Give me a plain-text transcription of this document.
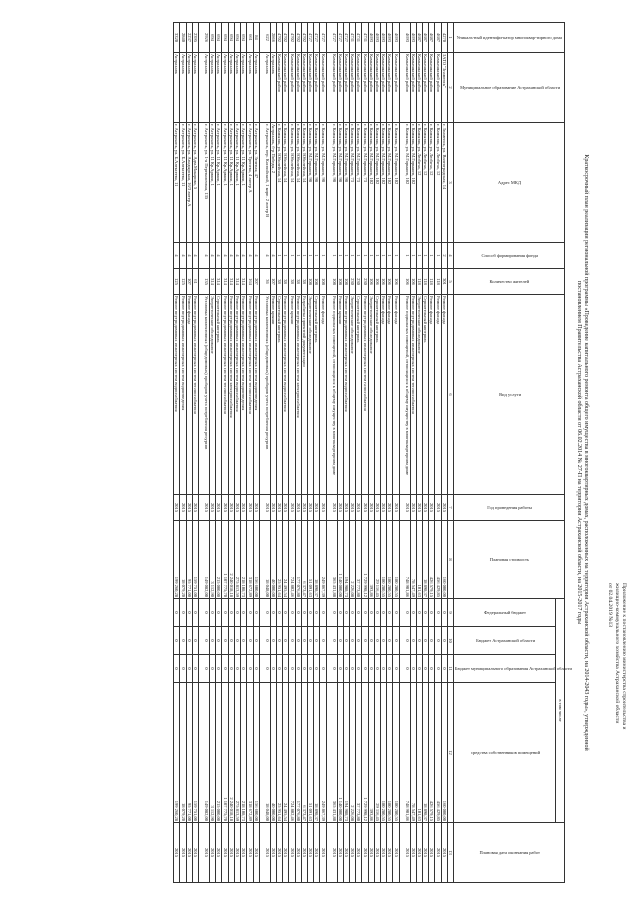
Приложение к постановлению министерства строительства и
жилищно-коммунального хозяйства Астраханской области
от 02.04.2019 №13
Краткосрочный план реализации региональной программы «Проведение капитального ремонта общего имущества в многоквартирных домах, расположенных на территории Астраханской области, на 2014-2043 годы», утвержденной
постановлением Правительства Астраханской области от 06.02.2014 № 27-П на территории Астраханской области, на 2015-2017 годы
Уникаль-ный идентифи-катор многоквар-тирного дома	Муниципальное образование Астраханской области	Адрес МКД	Способ формирования фонда	Количество жителей	Вид услуги	Год проведения работы	Плановая стоимость	в том числе				Плановая дата окончания работ
								Федеральный бюджет	Бюджет Астраханской области	Бюджет муниципального образования Астраханской области	средства собственников помещений	
1	2	3	4	5	6	7	8	9	10	11	12	13
4270	ЗАТО "Знаменск"	г. Знаменск, ул. Волгоградская, 14	2	301	Ремонт фасада	2015	160 000,00	0	0	0	160 000,00	2015
4687	Камызякский район	г. Камызяк, ул. Любича, 12	1	118	Ремонт фасада	2015	456 429,85	0	0	0	456 429,85	2015
4687	Камызякский район	г. Камызяк, ул. Любича, 12	1	118	Ремонт фасада	2015	426 579,15	0	0	0	426 579,15	2015
4687	Камызякский район	г. Камызяк, ул. Любича, 12	1	118	Строительный контроль	2015	18 898,37	0	0	0	18 898,37	2015
4687	Камызякский район	г. Камызяк, ул. Любича, 12	1	118	Энергетическое обследование	2015	101,63	0	0	0	101,63	2015
4693	Камызякский район	г. Камызяк, ул. М.Горького, 102	1	106	Ремонт внутридомовых инженерных систем теплоснабжения	2015	78 547,49	0	0	0	78 547,49	2015
4693	Камызякский район	г. Камызяк, ул. М.Горького, 102	1	106	Ремонт подвальных помещений, относящихся к общему имуществу в многоквартирном доме	2015	748 901,86	0	0	0	748 901,86	2015
4693	Камызякский район	г. Камызяк, ул. М.Горького, 102	1	106	Ремонт фасада	2015	180 280,55	0	0	0	180 280,55	2015
4693	Камызякский район	г. Камызяк, ул. М.Горького, 102	1	106	Ремонт фасада	2015	180 280,55	0	0	0	180 280,55	2015
4693	Камызякский район	г. Камызяк, ул. М.Горького, 102	1	106	Ремонт фасада	2015	180 280,55	0	0	0	180 280,55	2015
4693	Камызякский район	г. Камызяк, ул. М.Горького, 102	1	106	Строительный контроль	2015	29 116,45	0	0	0	29 116,45	2015
4693	Камызякский район	г. Камызяк, ул. М.Горького, 102	1	106	Энергетическое обследование	2015	393,86	0	0	0	393,86	2015
4731	Камызякский район	г. Камызяк, ул. М.Горького, 73	1	230	Ремонт внутридомовых инженерных систем газоснабжения	2015	1 729 998,12	0	0	0	1 729 998,12	2015
4731	Камызякский район	г. Камызяк, ул. М.Горького, 73	1	230	Строительный контроль	2015	37 773,80	0	0	0	37 773,80	2015
4731	Камызякский район	г. Камызяк, ул. М.Горького, 73	1	230	Энергетическое обследование	2015	2 226,08	0	0	0	2 226,08	2015
4727	Камызякский район	г. Камызяк, ул. М.Горького, 98	1	108	Ремонт внутридомовых инженерных систем водоснабжения	2015	194 988,73	0	0	0	194 988,73	2015
4727	Камызякский район	г. Камызяк, ул. М.Горького, 98	1	108	Ремонт крыши	2015	1 140 000,00	0	0	0	1 140 000,00	2015
4727	Камызякский район	г. Камызяк, ул. М.Горького, 98	1	108	Ремонт подвальных помещений, относящихся к общему имуществу в многоквартирном доме	2015	365 431,88	0	0	0	365 431,88	2015
4727	Камызякский район	г. Камызяк, ул. М.Горького, 98	1	108	Ремонт фасада	2015	249 867,39	0	0	0	249 867,39	2015
4727	Камызякский район	г. Камызяк, ул. М.Горького, 98	1	108	Строительный контроль	2015	18 898,37	0	0	0	18 898,37	2015
4727	Камызякский район	г. Камызяк, ул. М.Горького, 98	1	108	Энергетическое обследование	2015	51 091,63	0	0	0	51 091,63	2015
4702	Камызякский район	г. Камызяк, ул. Юбилейная, 14	1	38	Разработка проектной документации	2015	6 373,47	0	0	0	6 373,47	2015
4702	Камызякский район	г. Камызяк, ул. Юбилейная, 14	1	38	Ремонт внутридомовых инженерных систем электроснабжения	2015	177 076,80	0	0	0	177 076,80	2015
4702	Камызякский район	г. Камызяк, ул. Юбилейная, 14	1	38	Ремонт крыши	2015	724 802,46	0	0	0	724 802,46	2015
4702	Камызякский район	г. Камызяк, ул. Юбилейная, 14	1	38	Ремонт внутридомовых инженерных систем водоснабжения	2015	24 495,54	0	0	0	24 495,54	2015
4702	Камызякский район	г. Камызяк, ул. Юбилейная, 14	1	38	Строительный контроль	2015	25 951,64	0	0	0	25 951,64	2015
2866	Астрахань	Астрахань, б-р Победы, 2	4	107	Ремонт крыши	2015	40 000,00	0	0	0	40 000,00	2015
622	Астрахань	г. Астрахань, пер. Каспийский, 1 корп. 2 литер В	4	36	Установка коллективных (общедомовых) приборов учета потребления ресурсов	2015	18 048,00	0	0	0	18 048,00	2015
84	Астрахань	г. Астрахань, ул. Зеленая, 47	4	207	Ремонт внутридомовых инженерных систем водоотведения	2015	156 600,00	0	0	0	156 600,00	2015
661	Астрахань	г. Астрахань, ул. Тренева, 4 литер А	4	164	Ремонт внутридомовых инженерных систем теплоснабжения	2015	318 672,89	0	0	0	318 672,89	2015
694	Астрахань	г. Астрахань, ул. 11 Кр.Армии, 1	4	314	Ремонт внутридомовых инженерных систем водоотведения	2015	218 108,73	0	0	0	218 108,73	2015
694	Астрахань	г. Астрахань, ул. 11 Кр.Армии, 1	4	314	Ремонт внутридомовых инженерных систем водоснабжения	2015	275 813,59	0	0	0	275 813,59	2015
694	Астрахань	г. Астрахань, ул. 11 Кр.Армии, 1	4	314	Ремонт внутридомовых инженерных систем электроснабжения	2015	2 240 018,18	0	0	0	2 240 018,18	2015
694	Астрахань	г. Астрахань, ул. 11 Кр.Армии, 1	4	314	Ремонт внутридомовых инженерных систем теплоснабжения	2015	1 107 775,70	0	0	0	1 107 775,70	2015
694	Астрахань	г. Астрахань, ул. 11 Кр.Армии, 1	4	314	Строительный контроль	2015	215 000,00	0	0	0	215 000,00	2015
694	Астрахань	г. Астрахань, ул. 11 Кр.Армии, 1	4	314	Энергетическое обследование	2015	3 112,90	0	0	0	3 112,90	2015
2926	Астрахань	г. Астрахань, ул. 1-я Перевалочная, 135	4	135	Установка коллективных (общедомовых) приборов учета потребления ресурсов	2015	149 082,00	0	0	0	149 082,00	2015
2395	Астрахань	г. Астрахань, ул. Адм.Макарова, 5	4	61	Ремонт внутридомовых инженерных систем теплоснабжения	2015	159 751,00	0	0	0	159 751,00	2015
2237	Астрахань	г. Астрахань, ул. Анадырская, 16/3 литер А	4	107	Ремонт фасада	2015	95 771,00	0	0	0	95 771,00	2015
2840	Астрахань	г. Астрахань, ул. Б.Алексеева, 11	4	125	Ремонт внутридомовых инженерных систем водоотведения	2015	18 079,20	0	0	0	18 079,20	2015
3320	Астрахань	г. Астрахань, ул. Б.Алексеева, 11	4	125	Ремонт внутридомовых инженерных систем водоснабжения	2015	199 260,28	0	0	0	199 260,28	2015
